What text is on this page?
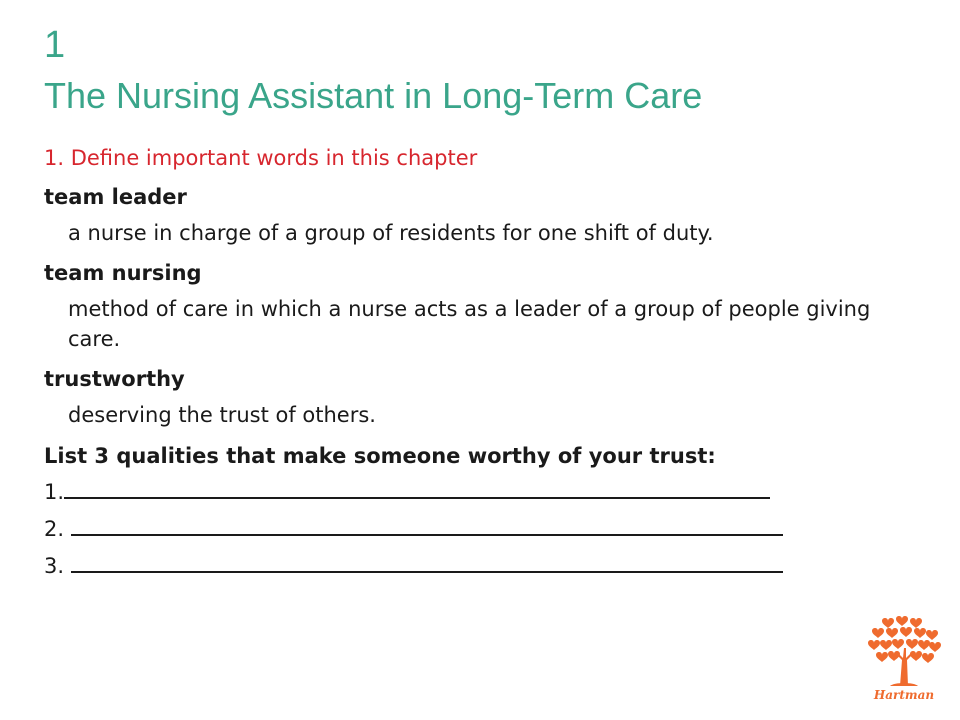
1
The Nursing Assistant in Long-Term Care
1. Define important words in this chapter
team leader
a nurse in charge of a group of residents for one shift of duty.
team nursing
method of care in which a nurse acts as a leader of a group of people giving care.
trustworthy
deserving the trust of others.
List 3 qualities that make someone worthy of your trust:
1.
2.
3.
Hartman
